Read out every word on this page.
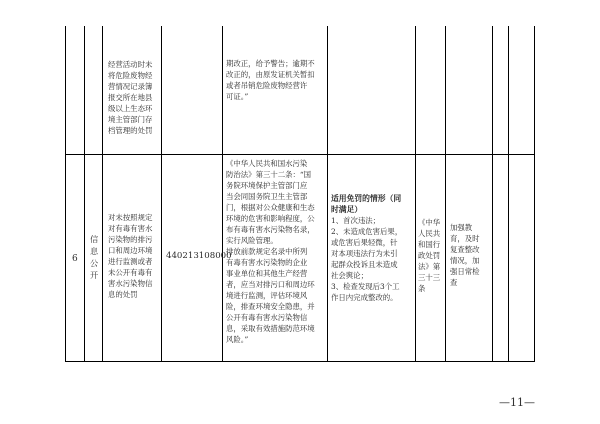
经营活动时未
将危险废物经
营情况记录簿
报交所在地县
级以上生态环
境主管部门存
档管理的处罚
期改正，给予警告；逾期不
改正的，由原发证机关暂扣
或者吊销危险废物经营许
可证。”
6
信
息
公
开
对未按照规定
对有毒有害水
污染物的排污
口和周边环境
进行监测或者
未公开有毒有
害水污染物信
息的处罚
440213108000
《中华人民共和国水污染
防治法》第三十二条：“国
务院环境保护主管部门应
当会同国务院卫生主管部
门，根据对公众健康和生态
环境的危害和影响程度，公
布有毒有害水污染物名录，
实行风险管理。
排放前款规定名录中所列
有毒有害水污染物的企业
事业单位和其他生产经营
者，应当对排污口和周边环
境进行监测，评估环境风
险，排查环境安全隐患，并
公开有毒有害水污染物信
息，采取有效措施防范环境
风险。”
适用免罚的情形（同
时满足）
1、首次违法；
2、未造成危害后果，
或危害后果轻微，针
对本项违法行为未引
起群众投诉且未造成
社会舆论；
3、检查发现后3个工
作日内完成整改的。
《中华
人民共
和国行
政处罚
法》第
三十三
条
加强教
育，及时
复查整改
情况，加
强日常检
查
—11—
